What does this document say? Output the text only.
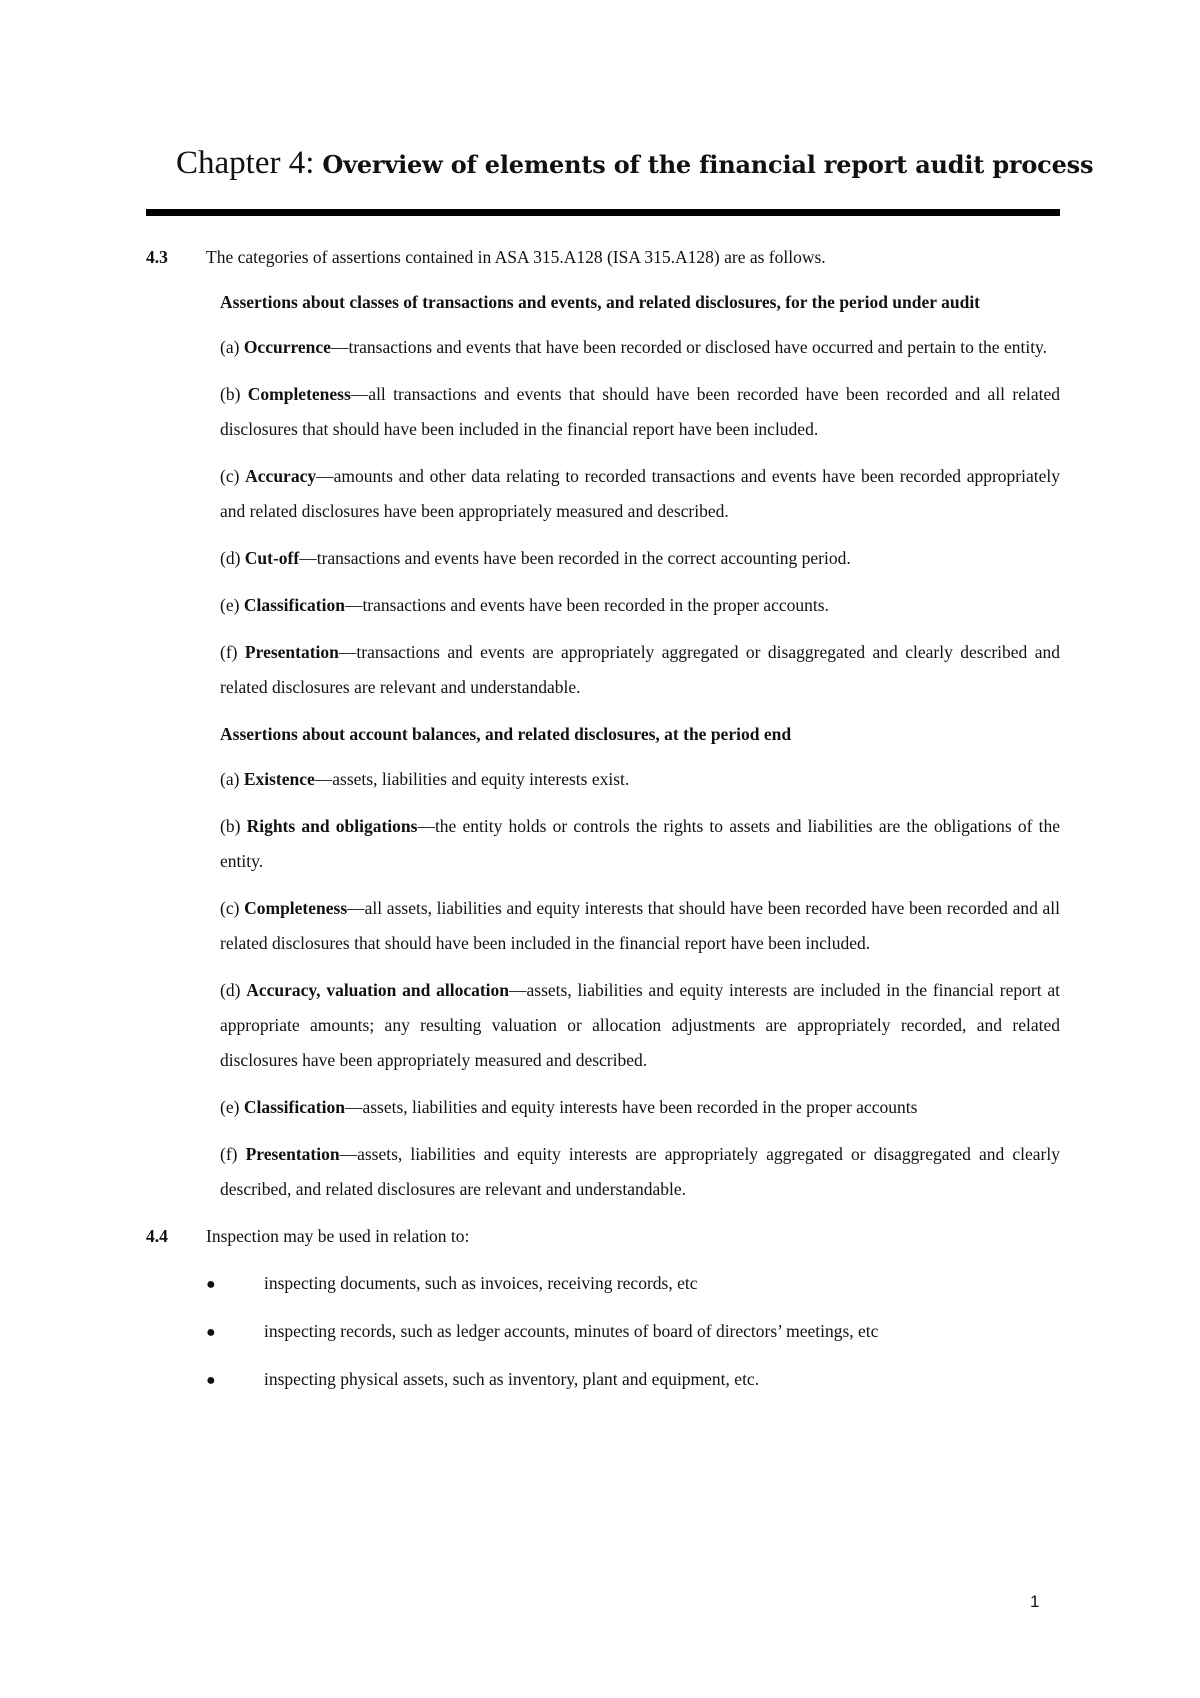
Chapter 4: Overview of elements of the financial report audit process
4.3	The categories of assertions contained in ASA 315.A128 (ISA 315.A128) are as follows.
Assertions about classes of transactions and events, and related disclosures, for the period under audit

(a) Occurrence—transactions and events that have been recorded or disclosed have occurred and pertain to the entity.

(b) Completeness—all transactions and events that should have been recorded have been recorded and all related disclosures that should have been included in the financial report have been included.

(c) Accuracy—amounts and other data relating to recorded transactions and events have been recorded appropriately and related disclosures have been appropriately measured and described.

(d) Cut-off—transactions and events have been recorded in the correct accounting period.

(e) Classification—transactions and events have been recorded in the proper accounts.

(f) Presentation—transactions and events are appropriately aggregated or disaggregated and clearly described and related disclosures are relevant and understandable.

Assertions about account balances, and related disclosures, at the period end

(a) Existence—assets, liabilities and equity interests exist.

(b) Rights and obligations—the entity holds or controls the rights to assets and liabilities are the obligations of the entity.

(c) Completeness—all assets, liabilities and equity interests that should have been recorded have been recorded and all related disclosures that should have been included in the financial report have been included.

(d) Accuracy, valuation and allocation—assets, liabilities and equity interests are included in the financial report at appropriate amounts; any resulting valuation or allocation adjustments are appropriately recorded, and related disclosures have been appropriately measured and described.

(e) Classification—assets, liabilities and equity interests have been recorded in the proper accounts

(f) Presentation—assets, liabilities and equity interests are appropriately aggregated or disaggregated and clearly described, and related disclosures are relevant and understandable.

4.4	Inspection may be used in relation to:
●	inspecting documents, such as invoices, receiving records, etc
●	inspecting records, such as ledger accounts, minutes of board of directors’ meetings, etc
●	inspecting physical assets, such as inventory, plant and equipment, etc.
1
